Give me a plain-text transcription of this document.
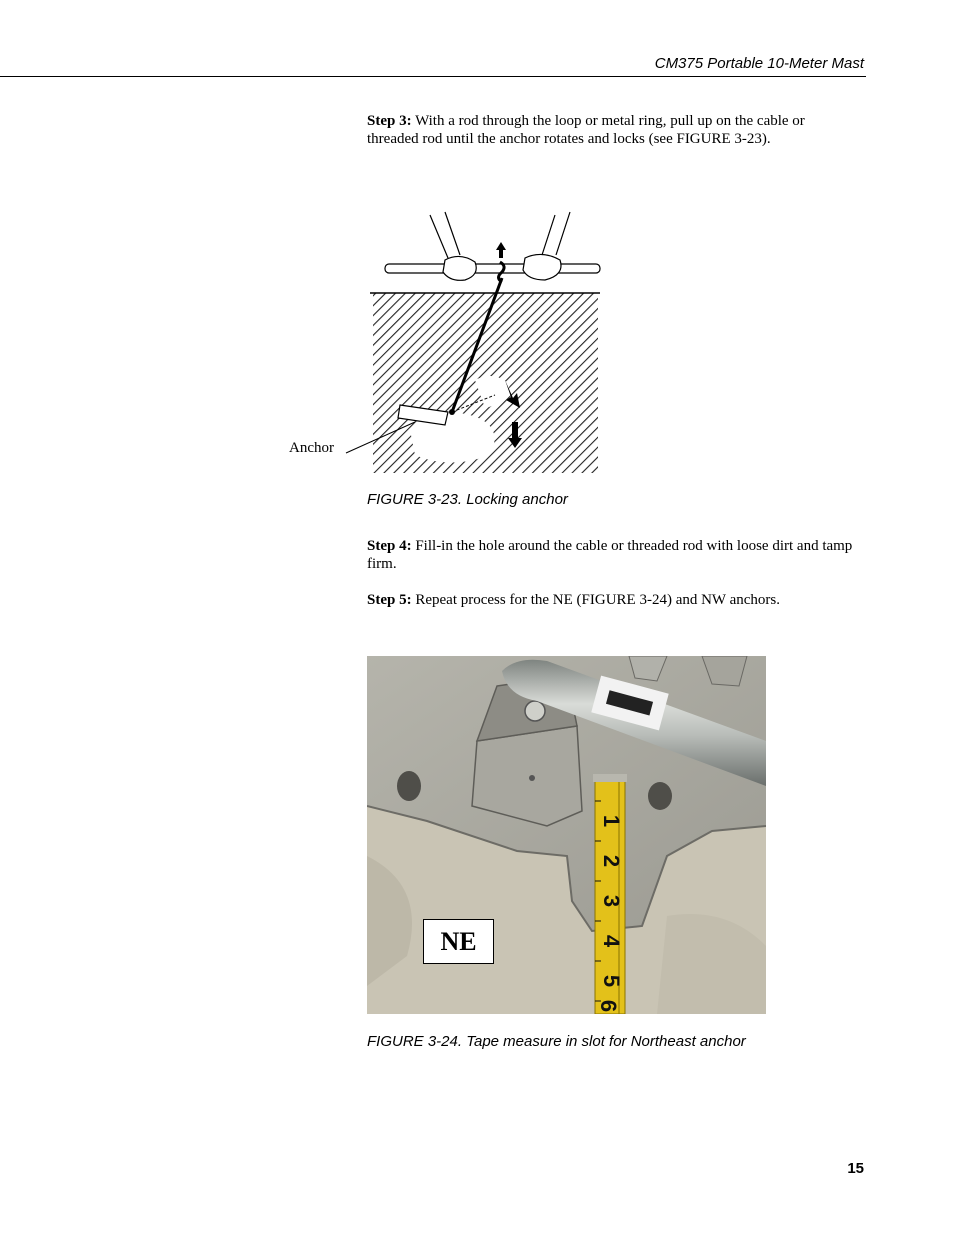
CM375 Portable 10-Meter Mast
Step 3: With a rod through the loop or metal ring, pull up on the cable or threaded rod until the anchor rotates and locks (see FIGURE 3-23).
Anchor
FIGURE 3-23. Locking anchor
Step 4: Fill-in the hole around the cable or threaded rod with loose dirt and tamp firm.
Step 5: Repeat process for the NE (FIGURE 3-24) and NW anchors.
1
2
3
4
5
6
NE
FIGURE 3-24. Tape measure in slot for Northeast anchor
15
